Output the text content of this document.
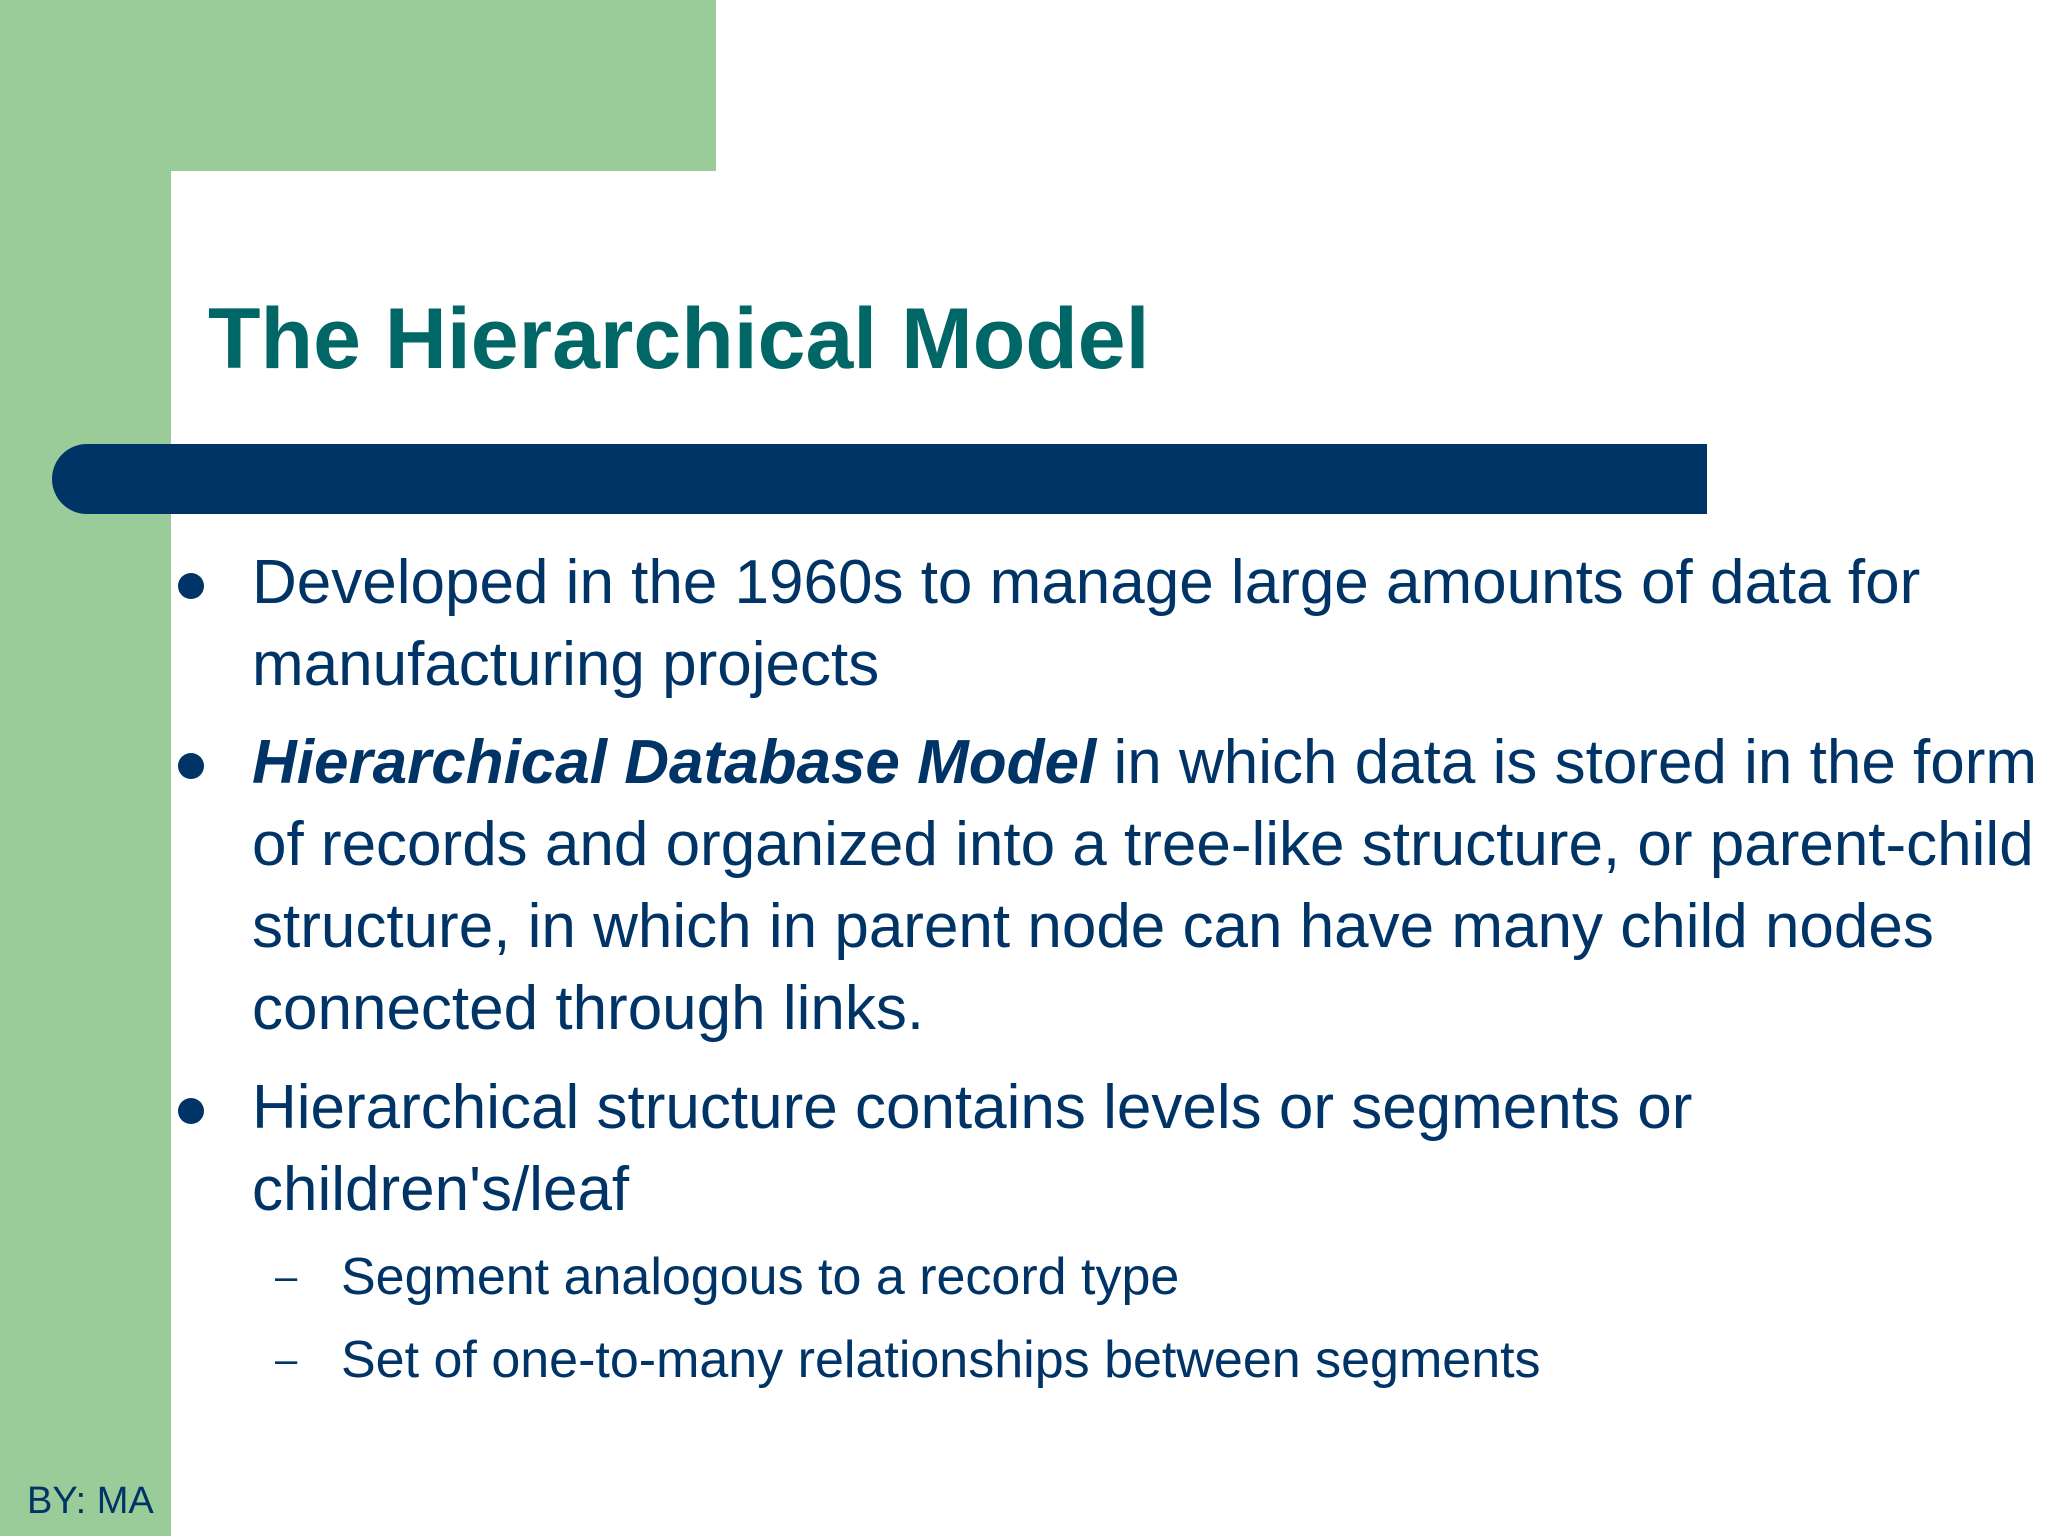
The Hierarchical Model
Developed in the 1960s to manage large amounts of data for manufacturing projects
Hierarchical Database Model in which data is stored in the form of records and organized into a tree-like structure, or parent-child structure, in which in parent node can have many child nodes connected through links.
Hierarchical structure contains levels or segments or children's/leaf
– Segment analogous to a record type
– Set of one-to-many relationships between segments
BY: MA
